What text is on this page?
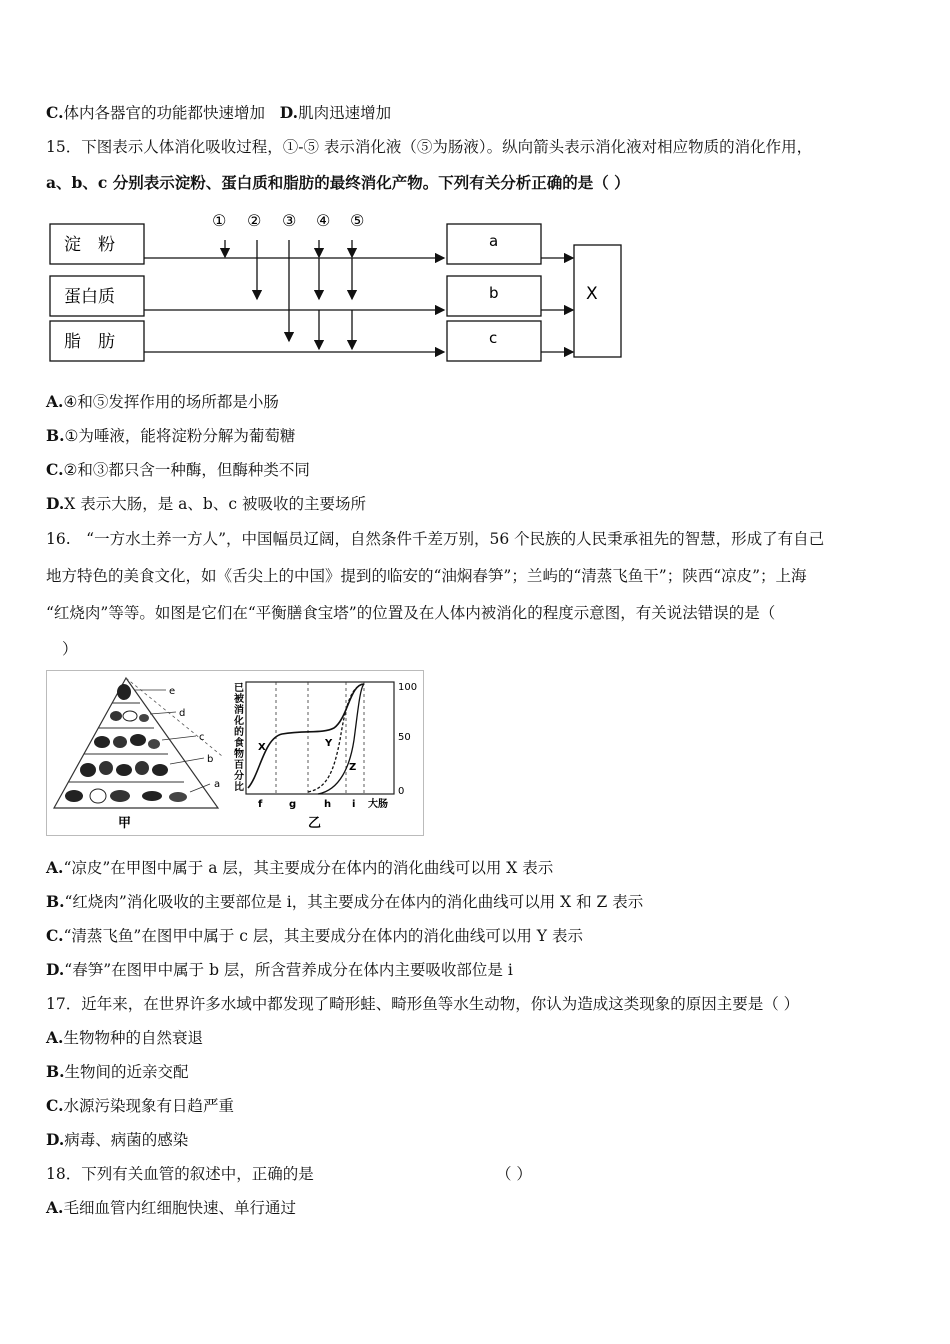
C.体内各器官的功能都快速增加 D.肌肉迅速增加
15．下图表示人体消化吸收过程，①-⑤ 表示消化液（⑤为肠液）。纵向箭头表示消化液对相应物质的消化作用，
a、b、c 分别表示淀粉、蛋白质和脂肪的最终消化产物。下列有关分析正确的是（ ）
淀　粉
蛋白质
脂　肪
① ② ③ ④ ⑤
a
b
c
X
A.④和⑤发挥作用的场所都是小肠
B.①为唾液，能将淀粉分解为葡萄糖
C.②和③都只含一种酶，但酶种类不同
D.X 表示大肠，是 a、b、c 被吸收的主要场所
16.　“一方水土养一方人”，中国幅员辽阔，自然条件千差万别，56 个民族的人民秉承祖先的智慧，形成了有自己
地方特色的美食文化，如《舌尖上的中国》提到的临安的“油焖春笋”；兰屿的“清蒸飞鱼干”；陕西“凉皮”；上海
“红烧肉”等等。如图是它们在“平衡膳食宝塔”的位置及在人体内被消化的程度示意图，有关说法错误的是（
）
e
d
c
b
a
甲
X	Y
Z
已被消化的食物百分比	100
50
0
f	g	h i 大肠
乙
A.“凉皮”在甲图中属于 a 层，其主要成分在体内的消化曲线可以用 X 表示
B.“红烧肉”消化吸收的主要部位是 i，其主要成分在体内的消化曲线可以用 X 和 Z 表示
C.“清蒸飞鱼”在图甲中属于 c 层，其主要成分在体内的消化曲线可以用 Y 表示
D.“春笋”在图甲中属于 b 层，所含营养成分在体内主要吸收部位是 i
17．近年来，在世界许多水域中都发现了畸形蛙、畸形鱼等水生动物，你认为造成这类现象的原因主要是（ ）
A.生物物种的自然衰退
B.生物间的近亲交配
C.水源污染现象有日趋严重
D.病毒、病菌的感染
18．下列有关血管的叙述中，正确的是	（ ）
A.毛细血管内红细胞快速、单行通过
